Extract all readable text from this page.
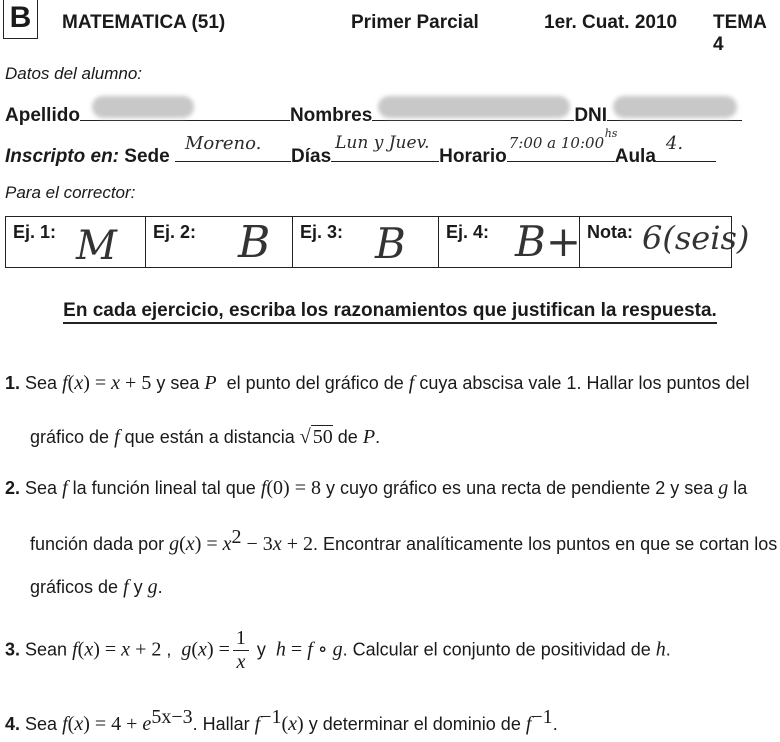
B	MATEMATICA (51)	Primer Parcial	1er. Cuat. 2010 TEMA 4
Datos del alumno:
Apellido	Nombres	DNI
Inscripto en: Sede
Moreno.
Días
Lun y Juev.
Horario
7:00 a 10:00
hs
Aula
4.
Para el corrector:
Ej. 1: M	Ej. 2: B	Ej. 3: B	Ej. 4: B+	Nota: 6(seis)
En cada ejercicio, escriba los razonamientos que justifican la respuesta.
1. Sea f(x) = x + 5 y sea P el punto del gráfico de f cuya abscisa vale 1. Hallar los puntos del
gráfico de f que están a distancia √ 50 de P.
2. Sea f la función lineal tal que f(0) = 8 y cuyo gráfico es una recta de pendiente 2 y sea g la
función dada por $g(x) = x^2 - 3x + 2$. Encontrar analíticamente los puntos en que se cortan los
gráficos de f y g.
3. Sean f(x) = x + 2 ,  $g(x) = \frac{1}{x}$ y h = f ∘ g. Calcular el conjunto de positividad de h.
4. Sea $f(x) = 4 + e^{5x-3}$. Hallar $f^{-1}(x)$ y determinar el dominio de $f^{-1}$.
